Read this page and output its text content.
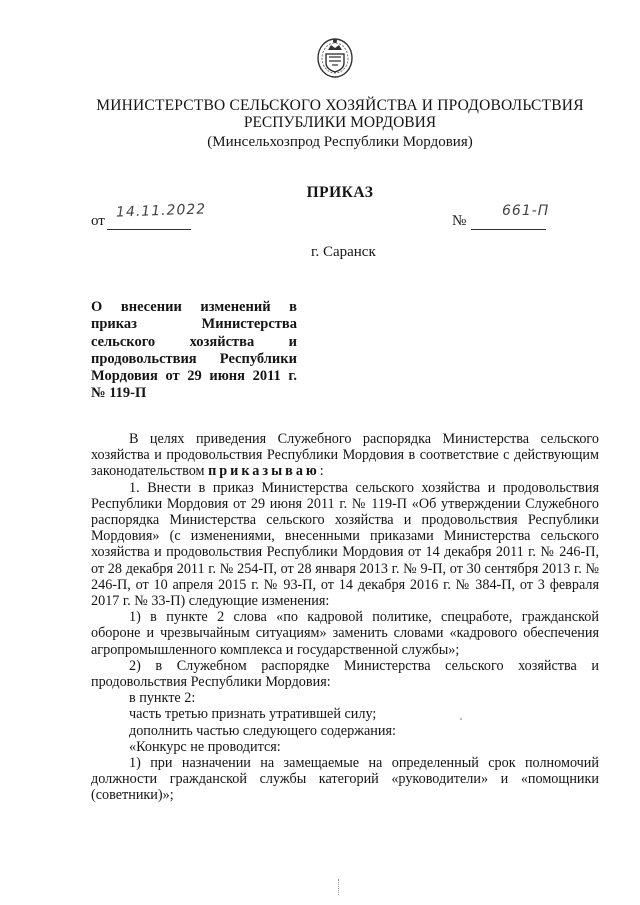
МИНИСТЕРСТВО СЕЛЬСКОГО ХОЗЯЙСТВА И ПРОДОВОЛЬСТВИЯ
РЕСПУБЛИКИ МОРДОВИЯ
(Минсельхозпрод Республики Мордовия)
ПРИКАЗ
от
14.11.2022
№
661-П
г. Саранск
О внесении изменений в
приказ Министерства
сельского хозяйства и
продовольствия Республики
Мордовия от 29 июня 2011 г.
№ 119-П

В целях приведения Служебного распорядка Министерства сельского хозяйства и продовольствия Республики Мордовия в соответствие с действующим законодательством приказываю:

1. Внести в приказ Министерства сельского хозяйства и продовольствия Республики Мордовия от 29 июня 2011 г. № 119-П «Об утверждении Служебного распорядка Министерства сельского хозяйства и продовольствия Республики Мордовия» (с изменениями, внесенными приказами Министерства сельского хозяйства и продовольствия Республики Мордовия от 14 декабря 2011 г. № 246-П, от 28 декабря 2011 г. № 254-П, от 28 января 2013 г. № 9-П, от 30 сентября 2013 г. № 246-П, от 10 апреля 2015 г. № 93-П, от 14 декабря 2016 г. № 384-П, от 3 февраля 2017 г. № 33-П) следующие изменения:

1) в пункте 2 слова «по кадровой политике, спецработе, гражданской обороне и чрезвычайным ситуациям» заменить словами «кадрового обеспечения агропромышленного комплекса и государственной службы»;

2) в Служебном распорядке Министерства сельского хозяйства и продовольствия Республики Мордовия:

в пункте 2:

часть третью признать утратившей силу;

дополнить частью следующего содержания:

«Конкурс не проводится:

1) при назначении на замещаемые на определенный срок полномочий должности гражданской службы категорий «руководители» и «помощники (советники)»;
